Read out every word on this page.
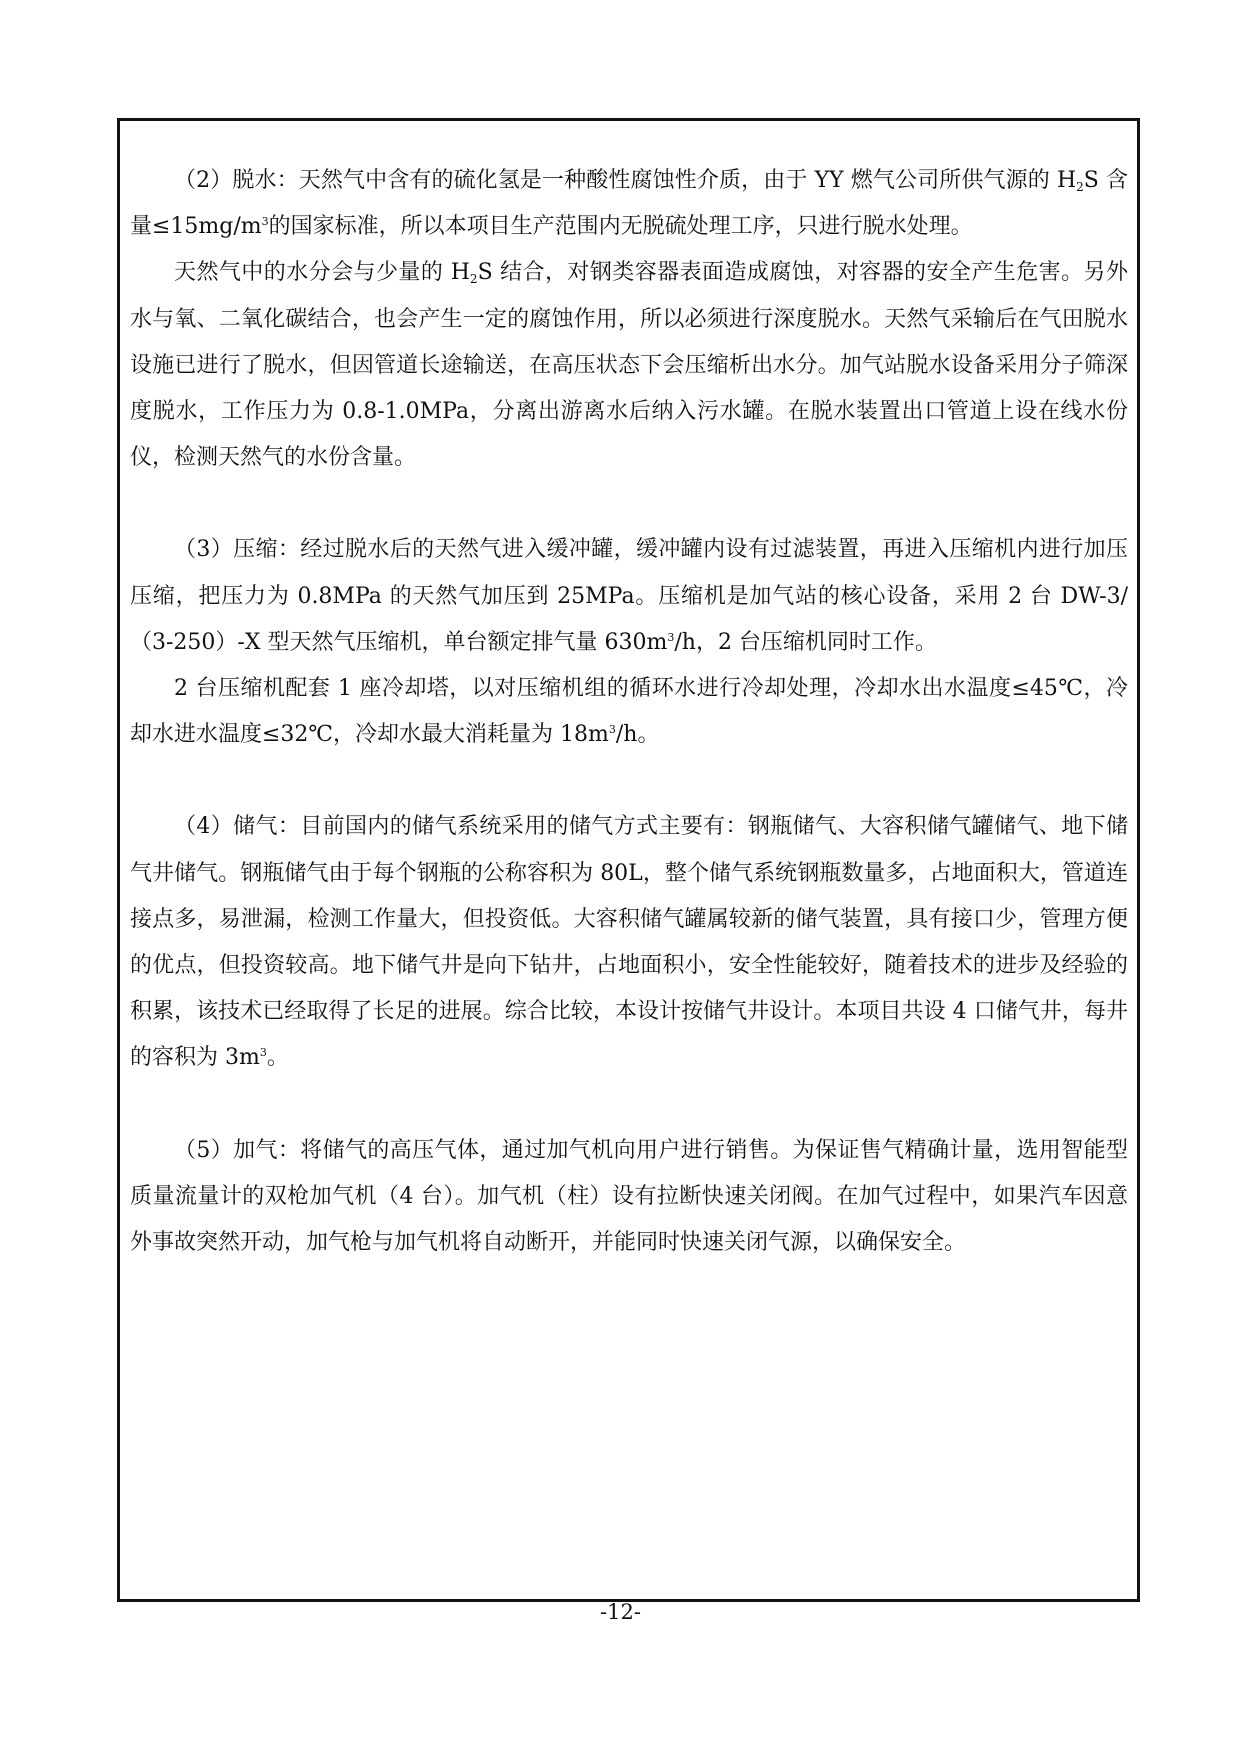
（2）脱水：天然气中含有的硫化氢是一种酸性腐蚀性介质，由于 YY 燃气公司所供气源的 $H_2S$ 含量$\le 15mg/m^3$的国家标准，所以本项目生产范围内无脱硫处理工序，只进行脱水处理。

天然气中的水分会与少量的 $H_2S$ 结合，对钢类容器表面造成腐蚀，对容器的安全产生危害。另外水与氧、二氧化碳结合，也会产生一定的腐蚀作用，所以必须进行深度脱水。天然气采输后在气田脱水设施已进行了脱水，但因管道长途输送，在高压状态下会压缩析出水分。加气站脱水设备采用分子筛深度脱水，工作压力为 0.8-1.0MPa，分离出游离水后纳入污水罐。在脱水装置出口管道上设在线水份仪，检测天然气的水份含量。

（3）压缩：经过脱水后的天然气进入缓冲罐，缓冲罐内设有过滤装置，再进入压缩机内进行加压压缩，把压力为 0.8MPa 的天然气加压到 25MPa。压缩机是加气站的核心设备，采用 2 台 DW-3/（3-250）-X 型天然气压缩机，单台额定排气量 $630m^3/h$，2 台压缩机同时工作。

2 台压缩机配套 1 座冷却塔，以对压缩机组的循环水进行冷却处理，冷却水出水温度≤45℃，冷却水进水温度≤32℃，冷却水最大消耗量为 $18m^3/h$。

（4）储气：目前国内的储气系统采用的储气方式主要有：钢瓶储气、大容积储气罐储气、地下储气井储气。钢瓶储气由于每个钢瓶的公称容积为 80L，整个储气系统钢瓶数量多，占地面积大，管道连接点多，易泄漏，检测工作量大，但投资低。大容积储气罐属较新的储气装置，具有接口少，管理方便的优点，但投资较高。地下储气井是向下钻井，占地面积小，安全性能较好，随着技术的进步及经验的积累，该技术已经取得了长足的进展。综合比较，本设计按储气井设计。本项目共设 4 口储气井，每井的容积为 $3m^3$。

（5）加气：将储气的高压气体，通过加气机向用户进行销售。为保证售气精确计量，选用智能型质量流量计的双枪加气机（4 台）。加气机（柱）设有拉断快速关闭阀。在加气过程中，如果汽车因意外事故突然开动，加气枪与加气机将自动断开，并能同时快速关闭气源，以确保安全。

-12-
